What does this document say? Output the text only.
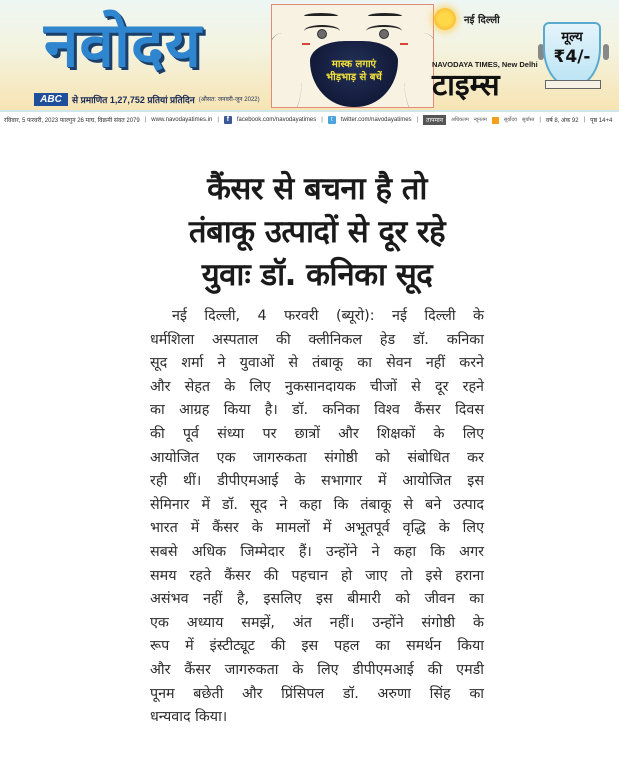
नवोदय
ABC	से प्रमाणित 1,27,752 प्रतियां प्रतिदिन (औसत: जनवरी-जून 2022)
मास्क लगाएं
भीड़भाड़ से बचें
नई दिल्ली
NAVODAYA TIMES, New Delhi
टाइम्स
मूल्य
₹4/-
रविवार, 5 फरवरी, 2023 फाल्गुन 26 माघ, विक्रमी संवत 2079 | www.navodayatimes.in |	f	facebook.com/navodayatimes |	t	twitter.com/navodayatimes |	तापमान	अधिकतम न्यूनतम	सूर्योदय सूर्यास्त | वर्ष 8, अंक 92 | पृष्ठ 14+4
कैंसर से बचना है तो
तंबाकू उत्पादों से दूर रहे
युवाः डॉ. कनिका सूद
नई दिल्ली, 4 फरवरी (ब्यूरो): नई दिल्ली के
धर्मशिला अस्पताल की क्लीनिकल हेड डॉ. कनिका
सूद शर्मा ने युवाओं से तंबाकू का सेवन नहीं करने
और सेहत के लिए नुकसानदायक चीजों से दूर रहने
का आग्रह किया है। डॉ. कनिका विश्व कैंसर दिवस
की पूर्व संध्या पर छात्रों और शिक्षकों के लिए
आयोजित एक जागरुकता संगोष्ठी को संबोधित कर
रही थीं। डीपीएमआई के सभागार में आयोजित इस
सेमिनार में डॉ. सूद ने कहा कि तंबाकू से बने उत्पाद
भारत में कैंसर के मामलों में अभूतपूर्व वृद्धि के लिए
सबसे अधिक जिम्मेदार हैं। उन्होंने ने कहा कि अगर
समय रहते कैंसर की पहचान हो जाए तो इसे हराना
असंभव नहीं है, इसलिए इस बीमारी को जीवन का
एक अध्याय समझें, अंत नहीं। उन्होंने संगोष्ठी के
रूप में इंस्टीट्यूट की इस पहल का समर्थन किया
और कैंसर जागरुकता के लिए डीपीएमआई की एमडी
पूनम बछेती और प्रिंसिपल डॉ. अरुणा सिंह का
धन्यवाद किया।
